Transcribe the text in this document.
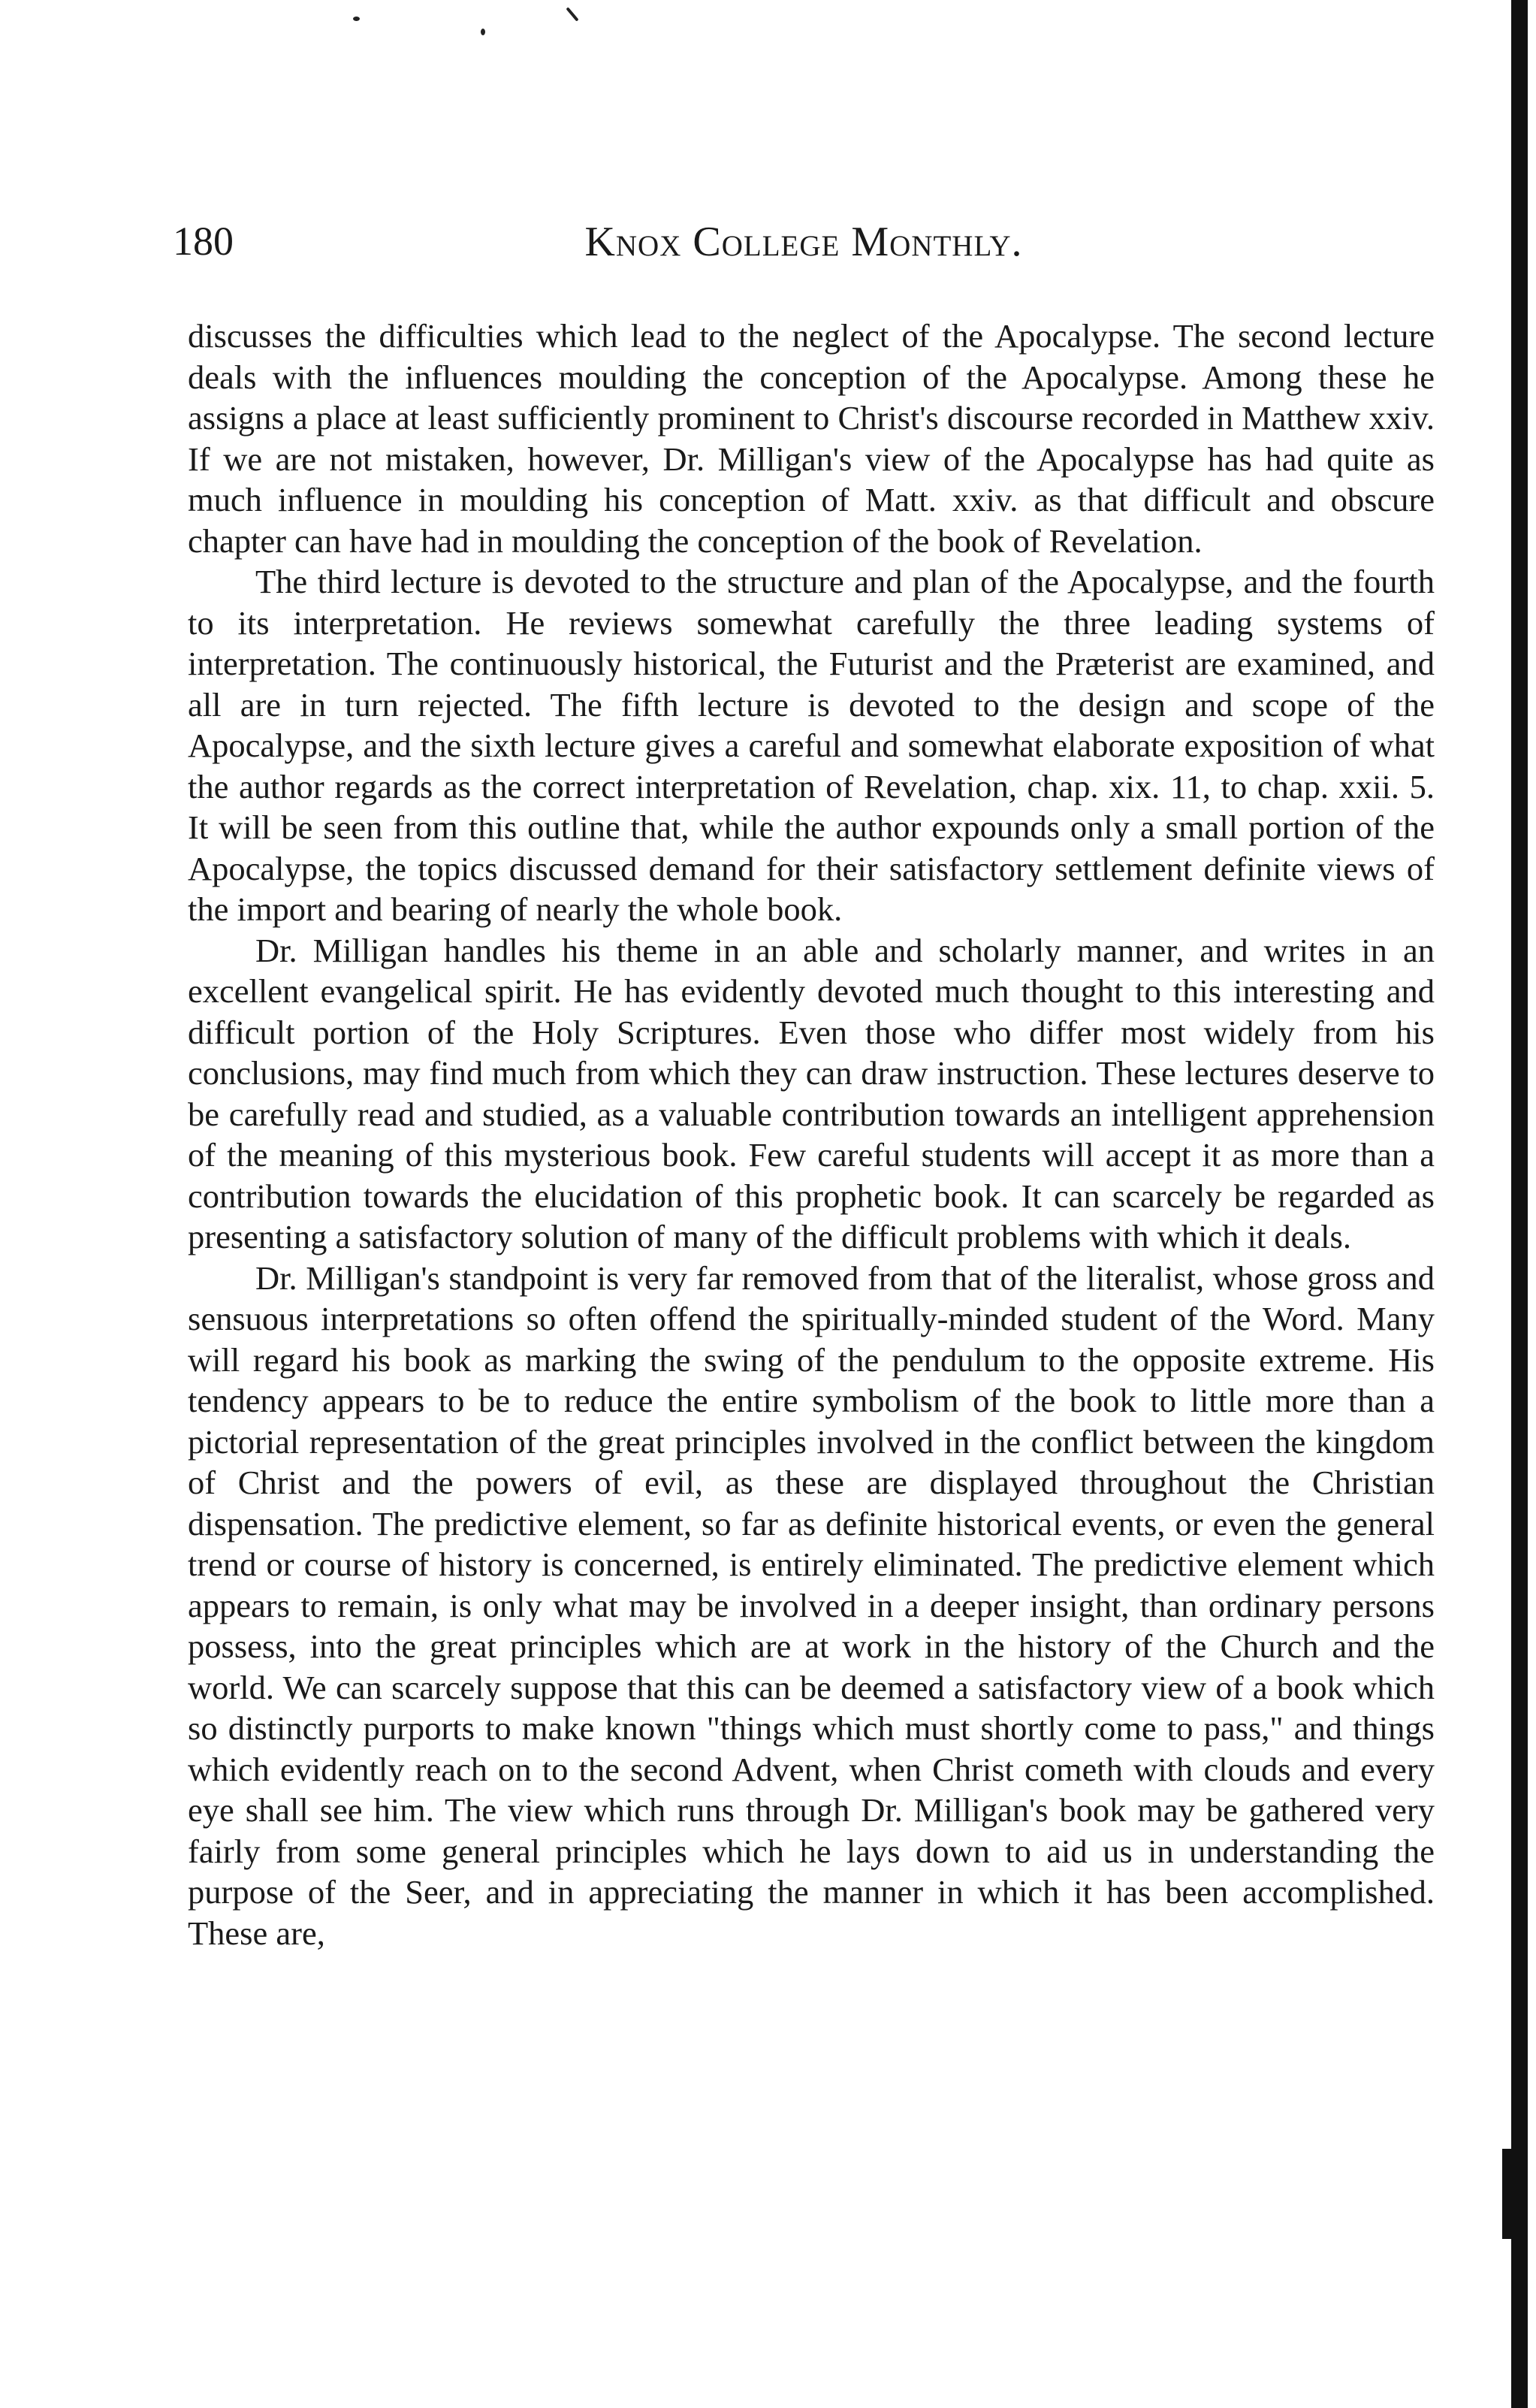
180	Knox College Monthly.

discusses the difficulties which lead to the neglect of the Apocalypse. The second lecture deals with the influences moulding the conception of the Apocalypse. Among these he assigns a place at least sufficiently prominent to Christ's discourse recorded in Matthew xxiv. If we are not mistaken, however, Dr. Milligan's view of the Apocalypse has had quite as much influence in moulding his conception of Matt. xxiv. as that difficult and obscure chapter can have had in moulding the conception of the book of Revelation.

The third lecture is devoted to the structure and plan of the Apocalypse, and the fourth to its interpretation. He reviews somewhat carefully the three leading systems of interpretation. The continuously historical, the Futurist and the Præterist are examined, and all are in turn rejected. The fifth lecture is devoted to the design and scope of the Apocalypse, and the sixth lecture gives a careful and somewhat elaborate exposition of what the author regards as the correct interpretation of Revelation, chap. xix. 11, to chap. xxii. 5. It will be seen from this outline that, while the author expounds only a small portion of the Apocalypse, the topics discussed demand for their satisfactory settlement definite views of the import and bearing of nearly the whole book.

Dr. Milligan handles his theme in an able and scholarly manner, and writes in an excellent evangelical spirit. He has evidently devoted much thought to this interesting and difficult portion of the Holy Scriptures. Even those who differ most widely from his conclusions, may find much from which they can draw instruction. These lectures deserve to be carefully read and studied, as a valuable contribution towards an intelligent apprehension of the meaning of this mysterious book. Few careful students will accept it as more than a contribution towards the elucidation of this prophetic book. It can scarcely be regarded as presenting a satisfactory solution of many of the difficult problems with which it deals.

Dr. Milligan's standpoint is very far removed from that of the literalist, whose gross and sensuous interpretations so often offend the spiritually-minded student of the Word. Many will regard his book as marking the swing of the pendulum to the opposite extreme. His tendency appears to be to reduce the entire symbolism of the book to little more than a pictorial representation of the great principles involved in the conflict between the kingdom of Christ and the powers of evil, as these are displayed throughout the Christian dispensation. The predictive element, so far as definite historical events, or even the general trend or course of history is concerned, is entirely eliminated. The predictive element which appears to remain, is only what may be involved in a deeper insight, than ordinary persons possess, into the great principles which are at work in the history of the Church and the world. We can scarcely suppose that this can be deemed a satisfactory view of a book which so distinctly purports to make known "things which must shortly come to pass," and things which evidently reach on to the second Advent, when Christ cometh with clouds and every eye shall see him. The view which runs through Dr. Milligan's book may be gathered very fairly from some general principles which he lays down to aid us in understanding the purpose of the Seer, and in appreciating the manner in which it has been accomplished. These are,
